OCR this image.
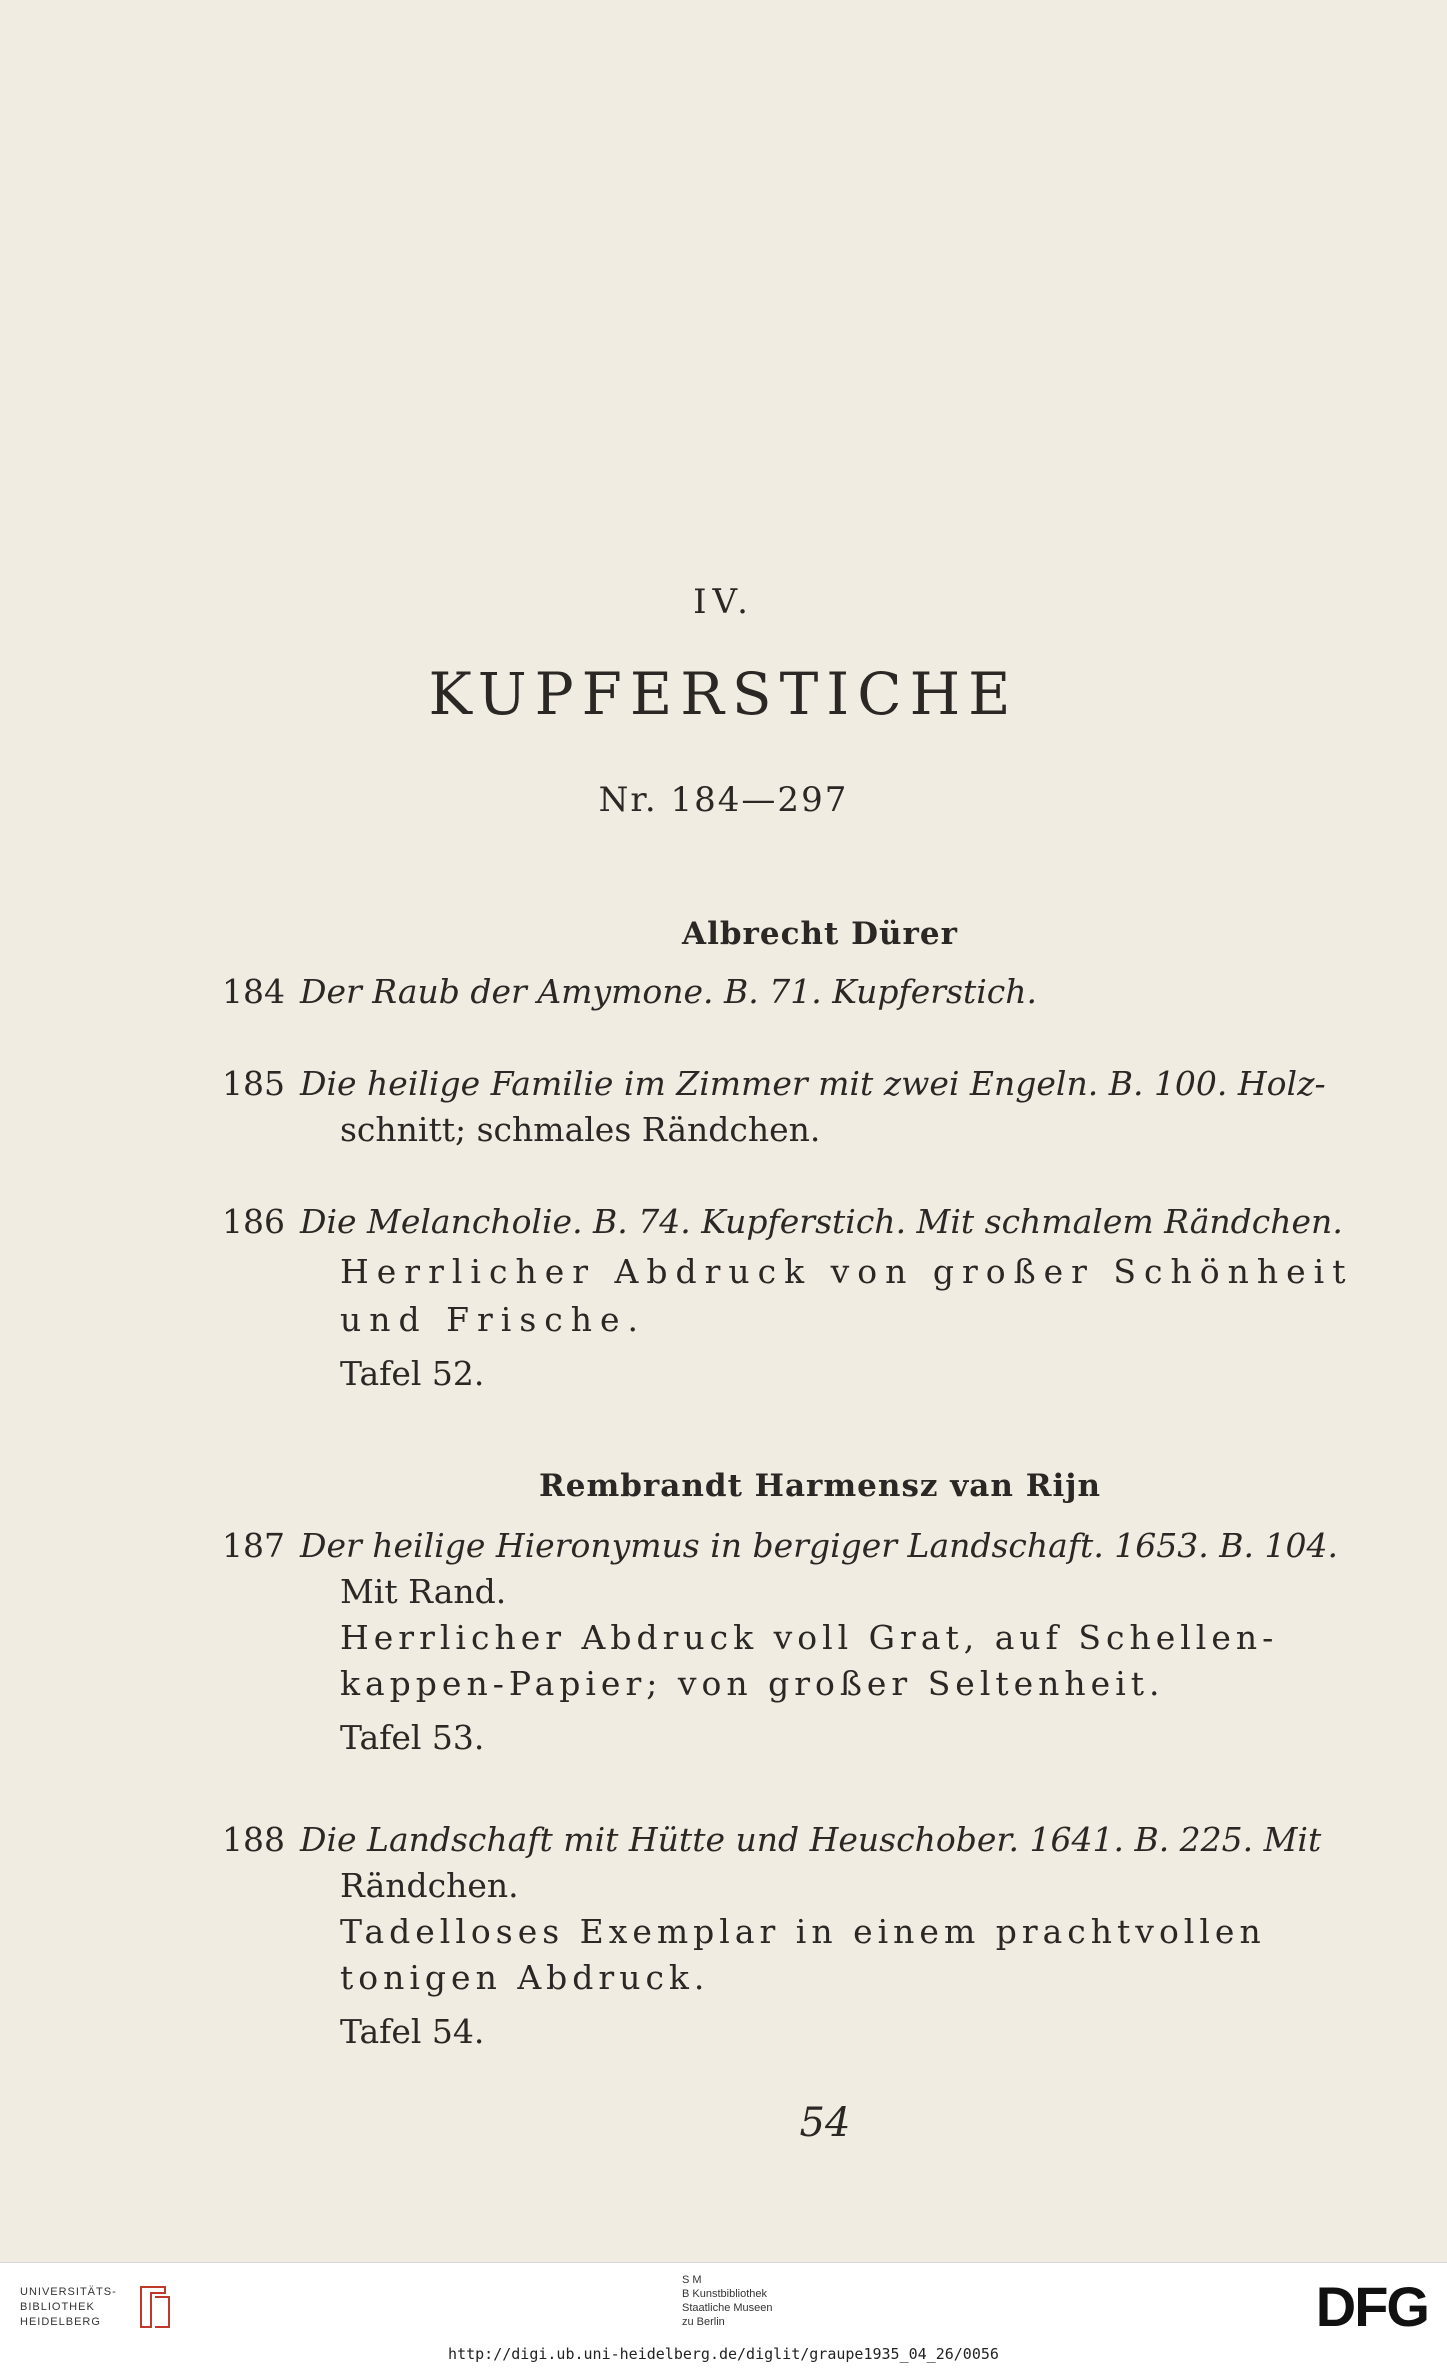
IV.
KUPFERSTICHE
Nr. 184—297
Albrecht Dürer
184 Der Raub der Amymone. B. 71. Kupferstich.
185 Die heilige Familie im Zimmer mit zwei Engeln. B. 100. Holz-
schnitt; schmales Rändchen.
186 Die Melancholie. B. 74. Kupferstich. Mit schmalem Rändchen.
Herrlicher Abdruck von großer Schönheit
und Frische.
Tafel 52.
Rembrandt Harmensz van Rijn
187 Der heilige Hieronymus in bergiger Landschaft. 1653. B. 104.
Mit Rand.
Herrlicher Abdruck voll Grat, auf Schellen-
kappen-Papier; von großer Seltenheit.
Tafel 53.
188 Die Landschaft mit Hütte und Heuschober. 1641. B. 225. Mit
Rändchen.
Tadelloses Exemplar in einem prachtvollen
tonigen Abdruck.
Tafel 54.
54
UNIVERSITÄTS-
BIBLIOTHEK
HEIDELBERG
S M
B Kunstbibliothek
Staatliche Museen
zu Berlin	DFG
http://digi.ub.uni-heidelberg.de/diglit/graupe1935_04_26/0056
